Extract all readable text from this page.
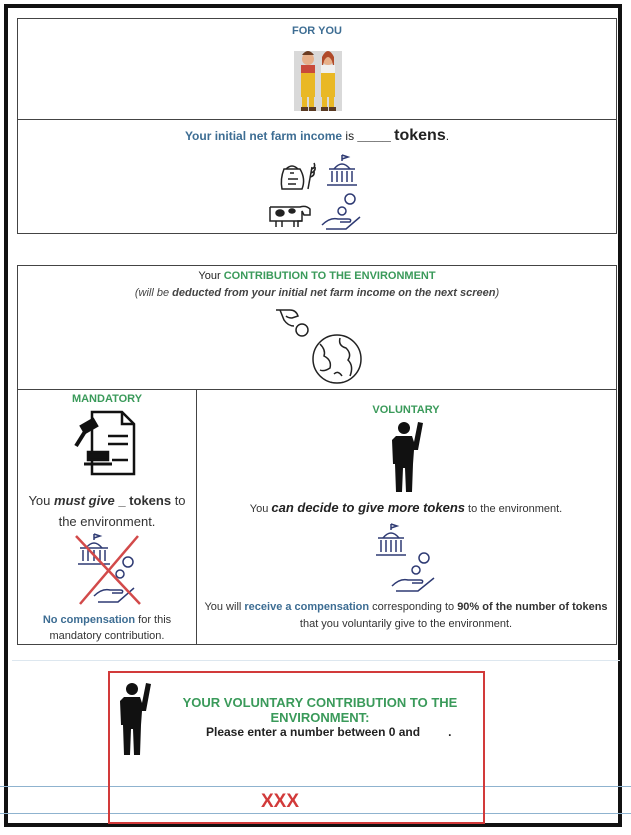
FOR YOU
Your initial net farm income is ____ tokens.
Your CONTRIBUTION TO THE ENVIRONMENT
(will be deducted from your initial net farm income on the next screen)
MANDATORY
You must give _ tokens to
the environment.
No compensation for this
mandatory contribution.
VOLUNTARY
You can decide to give more tokens to the environment.
You will receive a compensation corresponding to 90% of the number of tokens
that you voluntarily give to the environment.
YOUR VOLUNTARY CONTRIBUTION TO THE
ENVIRONMENT:
Please enter a number between 0 and .
XXX
